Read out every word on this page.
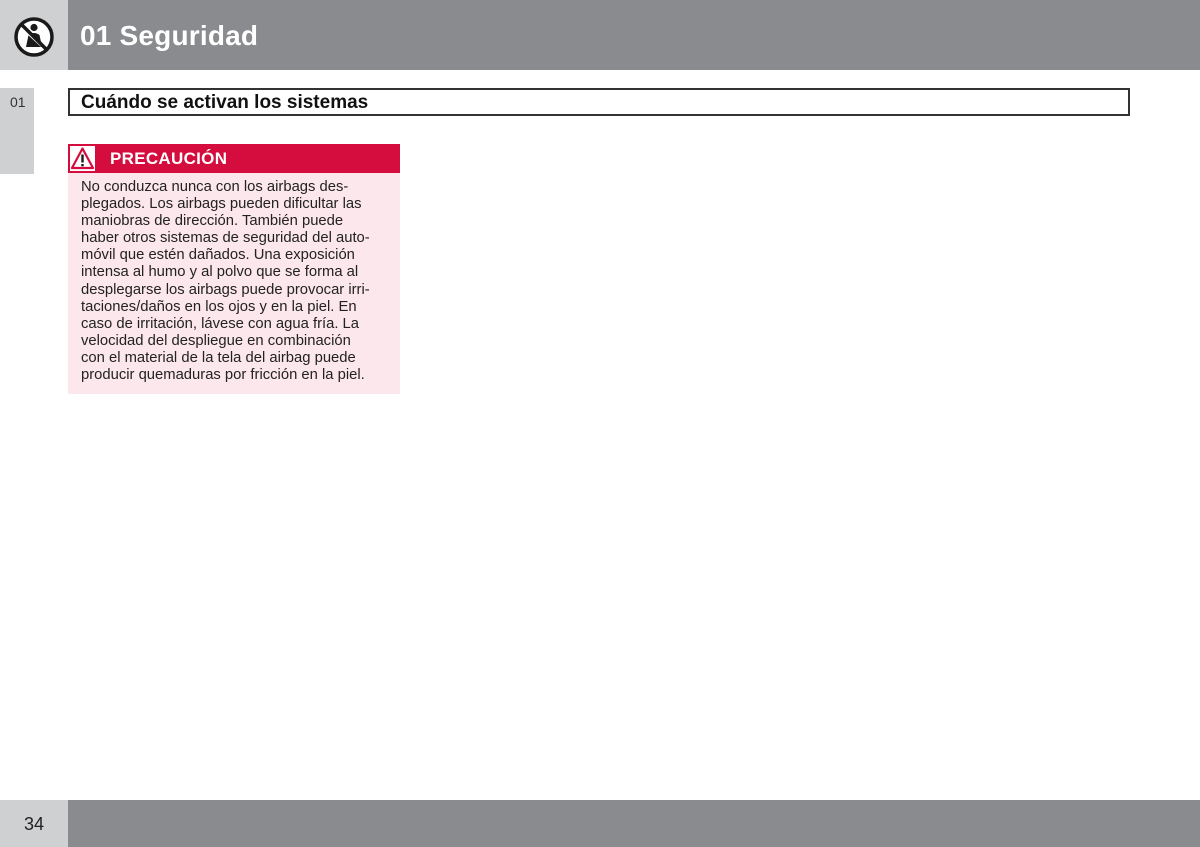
01 Seguridad
01	Cuándo se activan los sistemas
PRECAUCIÓN

No conduzca nunca con los airbags des-
plegados. Los airbags pueden dificultar las
maniobras de dirección. También puede
haber otros sistemas de seguridad del auto-
móvil que estén dañados. Una exposición
intensa al humo y al polvo que se forma al
desplegarse los airbags puede provocar irri-
taciones/daños en los ojos y en la piel. En
caso de irritación, lávese con agua fría. La
velocidad del despliegue en combinación
con el material de la tela del airbag puede
producir quemaduras por fricción en la piel.

34
